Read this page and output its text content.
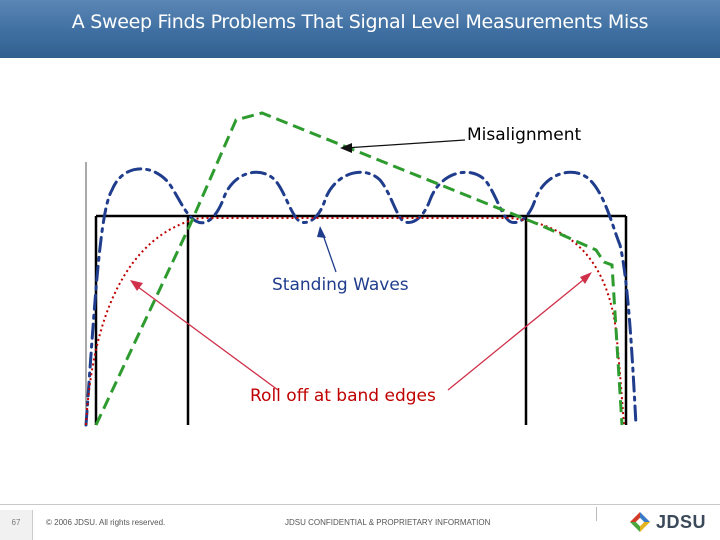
A Sweep Finds Problems That Signal Level Measurements Miss
Misalignment
Standing Waves
Roll off at band edges
67	© 2006 JDSU. All rights reserved.	JDSU CONFIDENTIAL & PROPRIETARY INFORMATION	JDSU
